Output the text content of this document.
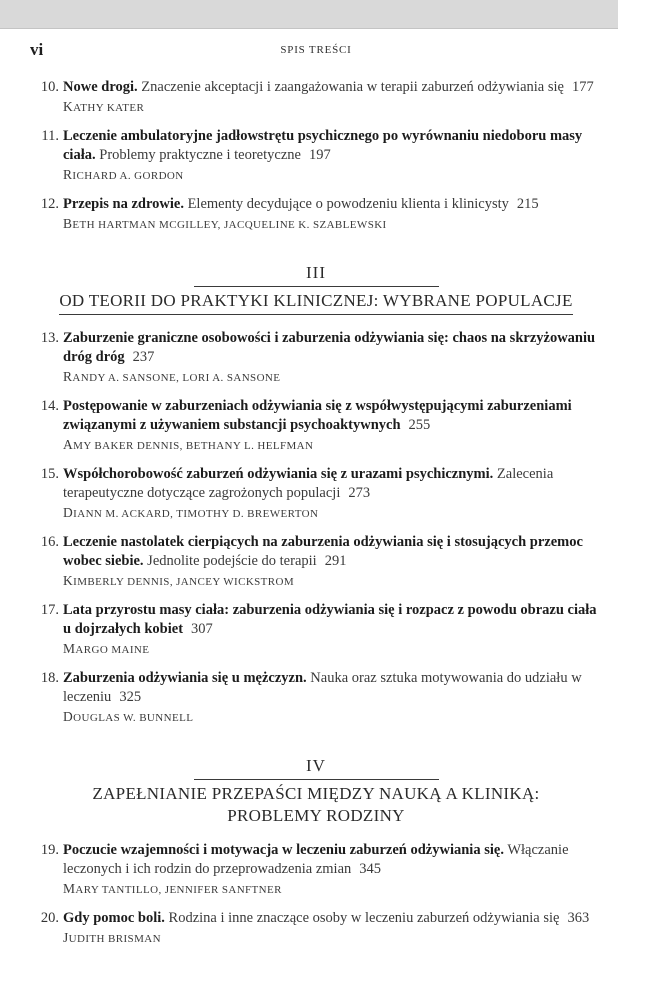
vi	SPIS TREŚCI
10. Nowe drogi. Znaczenie akceptacji i zaangażowania w terapii zaburzeń odżywiania się 177
KATHY KATER
11. Leczenie ambulatoryjne jadłowstrętu psychicznego po wyrównaniu niedoboru masy ciała. Problemy praktyczne i teoretyczne 197
RICHARD A. GORDON
12. Przepis na zdrowie. Elementy decydujące o powodzeniu klienta i klinicysty 215
BETH HARTMAN MCGILLEY, JACQUELINE K. SZABLEWSKI
III
OD TEORII DO PRAKTYKI KLINICZNEJ: WYBRANE POPULACJE
13. Zaburzenie graniczne osobowości i zaburzenia odżywiania się: chaos na skrzyżowaniu dróg dróg 237
RANDY A. SANSONE, LORI A. SANSONE
14. Postępowanie w zaburzeniach odżywiania się z współwystępującymi zaburzeniami związanymi z używaniem substancji psychoaktywnych 255
AMY BAKER DENNIS, BETHANY L. HELFMAN
15. Współchorobowość zaburzeń odżywiania się z urazami psychicznymi. Zalecenia terapeutyczne dotyczące zagrożonych populacji 273
DIANN M. ACKARD, TIMOTHY D. BREWERTON
16. Leczenie nastolatek cierpiących na zaburzenia odżywiania się i stosujących przemoc wobec siebie. Jednolite podejście do terapii 291
KIMBERLY DENNIS, JANCEY WICKSTROM
17. Lata przyrostu masy ciała: zaburzenia odżywiania się i rozpacz z powodu obrazu ciała u dojrzałych kobiet 307
MARGO MAINE
18. Zaburzenia odżywiania się u mężczyzn. Nauka oraz sztuka motywowania do udziału w leczeniu 325
DOUGLAS W. BUNNELL
IV
ZAPEŁNIANIE PRZEPAŚCI MIĘDZY NAUKĄ A KLINIKĄ:
PROBLEMY RODZINY
19. Poczucie wzajemności i motywacja w leczeniu zaburzeń odżywiania się. Włączanie leczonych i ich rodzin do przeprowadzenia zmian 345
MARY TANTILLO, JENNIFER SANFTNER
20. Gdy pomoc boli. Rodzina i inne znaczące osoby w leczeniu zaburzeń odżywiania się 363
JUDITH BRISMAN
